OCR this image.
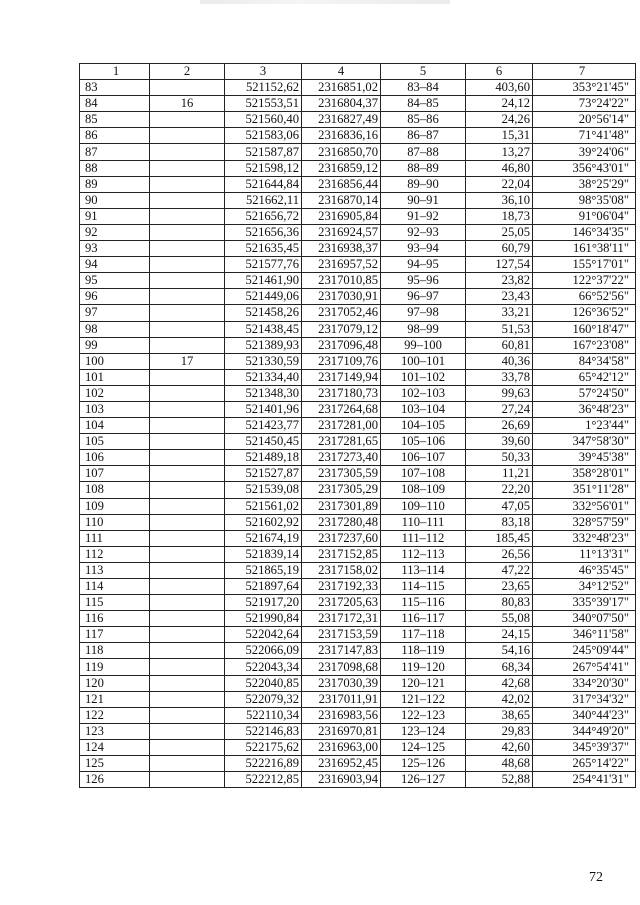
1	2	3	4	5	6	7
83		521152,62	2316851,02	83–84	403,60	353°21'45"
84	16	521553,51	2316804,37	84–85	24,12	73°24'22"
85		521560,40	2316827,49	85–86	24,26	20°56'14"
86		521583,06	2316836,16	86–87	15,31	71°41'48"
87		521587,87	2316850,70	87–88	13,27	39°24'06"
88		521598,12	2316859,12	88–89	46,80	356°43'01"
89		521644,84	2316856,44	89–90	22,04	38°25'29"
90		521662,11	2316870,14	90–91	36,10	98°35'08"
91		521656,72	2316905,84	91–92	18,73	91°06'04"
92		521656,36	2316924,57	92–93	25,05	146°34'35"
93		521635,45	2316938,37	93–94	60,79	161°38'11"
94		521577,76	2316957,52	94–95	127,54	155°17'01"
95		521461,90	2317010,85	95–96	23,82	122°37'22"
96		521449,06	2317030,91	96–97	23,43	66°52'56"
97		521458,26	2317052,46	97–98	33,21	126°36'52"
98		521438,45	2317079,12	98–99	51,53	160°18'47"
99		521389,93	2317096,48	99–100	60,81	167°23'08"
100	17	521330,59	2317109,76	100–101	40,36	84°34'58"
101		521334,40	2317149,94	101–102	33,78	65°42'12"
102		521348,30	2317180,73	102–103	99,63	57°24'50"
103		521401,96	2317264,68	103–104	27,24	36°48'23"
104		521423,77	2317281,00	104–105	26,69	1°23'44"
105		521450,45	2317281,65	105–106	39,60	347°58'30"
106		521489,18	2317273,40	106–107	50,33	39°45'38"
107		521527,87	2317305,59	107–108	11,21	358°28'01"
108		521539,08	2317305,29	108–109	22,20	351°11'28"
109		521561,02	2317301,89	109–110	47,05	332°56'01"
110		521602,92	2317280,48	110–111	83,18	328°57'59"
111		521674,19	2317237,60	111–112	185,45	332°48'23"
112		521839,14	2317152,85	112–113	26,56	11°13'31"
113		521865,19	2317158,02	113–114	47,22	46°35'45"
114		521897,64	2317192,33	114–115	23,65	34°12'52"
115		521917,20	2317205,63	115–116	80,83	335°39'17"
116		521990,84	2317172,31	116–117	55,08	340°07'50"
117		522042,64	2317153,59	117–118	24,15	346°11'58"
118		522066,09	2317147,83	118–119	54,16	245°09'44"
119		522043,34	2317098,68	119–120	68,34	267°54'41"
120		522040,85	2317030,39	120–121	42,68	334°20'30"
121		522079,32	2317011,91	121–122	42,02	317°34'32"
122		522110,34	2316983,56	122–123	38,65	340°44'23"
123		522146,83	2316970,81	123–124	29,83	344°49'20"
124		522175,62	2316963,00	124–125	42,60	345°39'37"
125		522216,89	2316952,45	125–126	48,68	265°14'22"
126		522212,85	2316903,94	126–127	52,88	254°41'31"
72
